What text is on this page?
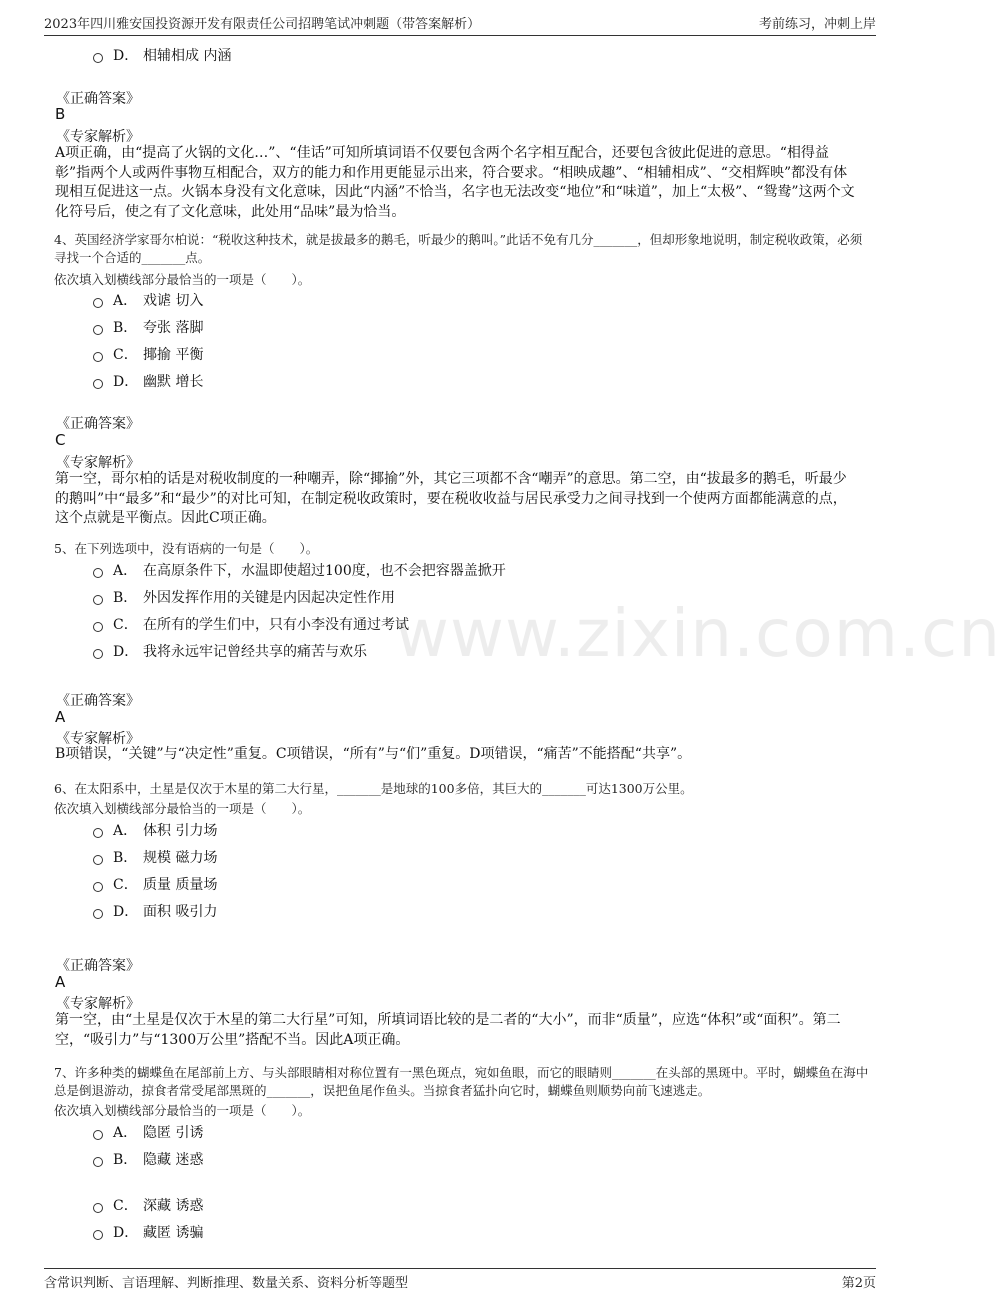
2023年四川雅安国投资源开发有限责任公司招聘笔试冲刺题（带答案解析）	考前练习，冲刺上岸
www.zixin.com.cn
D． 相辅相成 内涵
《正确答案》
B
《专家解析》
A项正确，由“提高了火锅的文化…”、“佳话”可知所填词语不仅要包含两个名字相互配合，还要包含彼此促进的意思。“相得益彰”指两个人或两件事物互相配合，双方的能力和作用更能显示出来，符合要求。“相映成趣”、“相辅相成”、“交相辉映”都没有体现相互促进这一点。火锅本身没有文化意味，因此“内涵”不恰当，名字也无法改变“地位”和“味道”，加上“太极”、“鸳鸯”这两个文化符号后，使之有了文化意味，此处用“品味”最为恰当。
4、英国经济学家哥尔柏说：“税收这种技术，就是拔最多的鹅毛，听最少的鹅叫。”此话不免有几分_______，但却形象地说明，制定税收政策，必须寻找一个合适的_______点。
依次填入划横线部分最恰当的一项是（　　）。
A． 戏谑 切入
B． 夸张 落脚
C． 揶揄 平衡
D． 幽默 增长
《正确答案》
C
《专家解析》
第一空，哥尔柏的话是对税收制度的一种嘲弄，除“揶揄”外，其它三项都不含“嘲弄”的意思。第二空，由“拔最多的鹅毛，听最少的鹅叫”中“最多”和“最少”的对比可知，在制定税收政策时，要在税收收益与居民承受力之间寻找到一个使两方面都能满意的点，这个点就是平衡点。因此C项正确。
5、在下列选项中，没有语病的一句是（　　）。
A． 在高原条件下，水温即使超过100度，也不会把容器盖掀开
B． 外因发挥作用的关键是内因起决定性作用
C． 在所有的学生们中，只有小李没有通过考试
D． 我将永远牢记曾经共享的痛苦与欢乐
《正确答案》
A
《专家解析》
B项错误，“关键”与“决定性”重复。C项错误，“所有”与“们”重复。D项错误，“痛苦”不能搭配“共享”。
6、在太阳系中，土星是仅次于木星的第二大行星，_______是地球的100多倍，其巨大的_______可达1300万公里。
依次填入划横线部分最恰当的一项是（　　）。
A． 体积 引力场
B． 规模 磁力场
C． 质量 质量场
D． 面积 吸引力
《正确答案》
A
《专家解析》
第一空，由“土星是仅次于木星的第二大行星”可知，所填词语比较的是二者的“大小”，而非“质量”，应选“体积”或“面积”。第二空，“吸引力”与“1300万公里”搭配不当。因此A项正确。
7、许多种类的蝴蝶鱼在尾部前上方、与头部眼睛相对称位置有一黑色斑点，宛如鱼眼，而它的眼睛则_______在头部的黑斑中。平时，蝴蝶鱼在海中总是倒退游动，掠食者常受尾部黑斑的_______，误把鱼尾作鱼头。当掠食者猛扑向它时，蝴蝶鱼则顺势向前飞速逃走。
依次填入划横线部分最恰当的一项是（　　）。
A． 隐匿 引诱
B． 隐藏 迷惑
C． 深藏 诱惑
D． 藏匿 诱骗
含常识判断、言语理解、判断推理、数量关系、资料分析等题型	第2页
